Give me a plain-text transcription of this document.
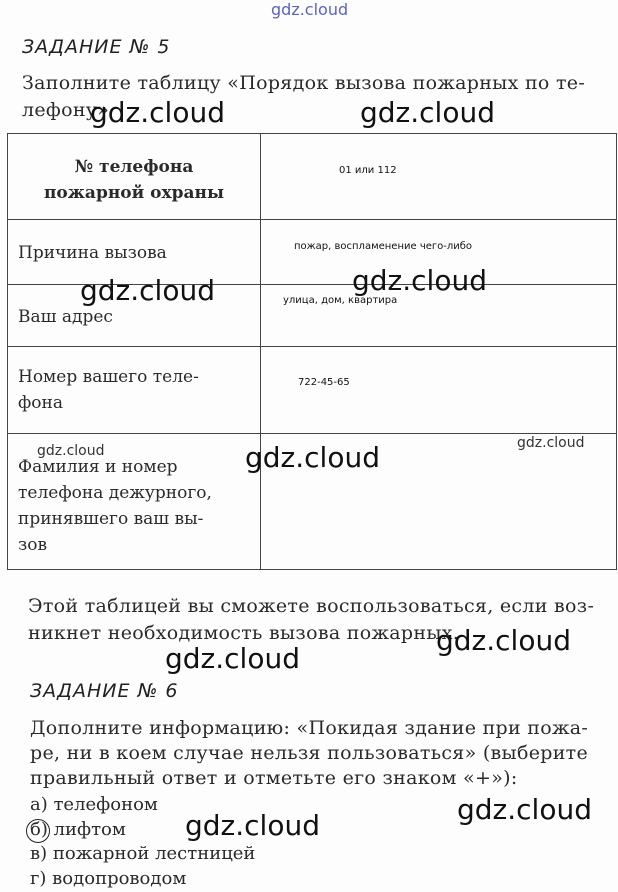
gdz.cloud
ЗАДАНИЕ № 5
Заполните таблицу «Порядок вызова пожарных по те-
лефону»
№ телефона
пожарной охраны	01 или 112

Причина вызова	пожар, воспламенение чего-либо

Ваш адрес	улица, дом, квартира

Номер вашего теле-
фона	722-45-65

Фамилия и номер
телефона дежурного,
принявшего ваш вы-
зов	

Этой таблицей вы сможете воспользоваться, если воз-
никнет необходимость вызова пожарных.
ЗАДАНИЕ № 6
Дополните информацию: «Покидая здание при пожа-
ре, ни в коем случае нельзя пользоваться» (выберите
правильный ответ и отметьте его знаком «+»):
а) телефоном
б) лифтом
в) пожарной лестницей
г) водопроводом
gdz.cloud	gdz.cloud
gdz.cloud
gdz.cloud
gdz.cloud	gdz.cloud
gdz.cloud
gdz.cloud
gdz.cloud
gdz.cloud
gdz.cloud
